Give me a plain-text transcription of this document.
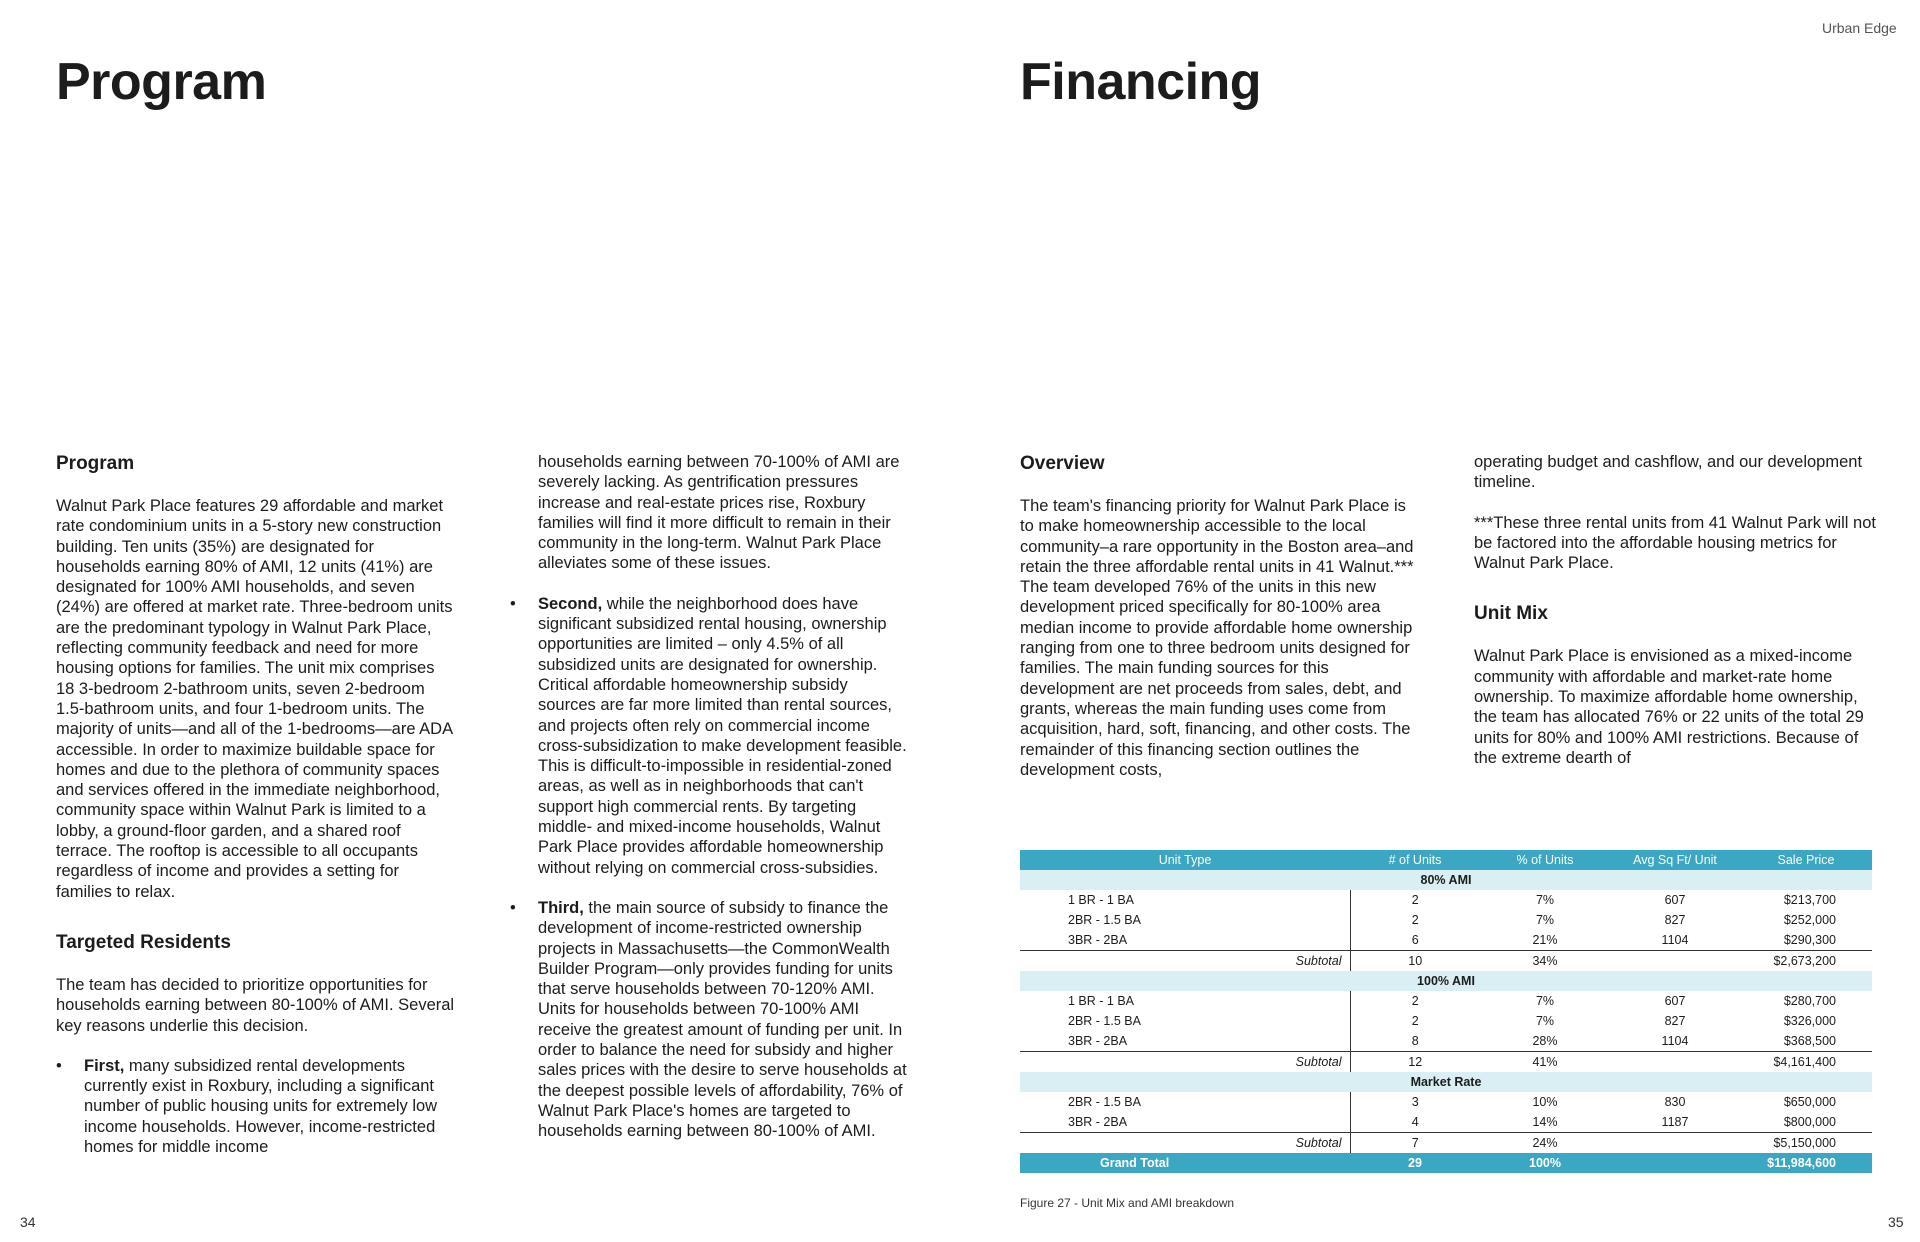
Urban Edge
Program	Financing
Program

Walnut Park Place features 29 affordable and market rate condominium units in a 5-story new construction building. Ten units (35%) are designated for households earning 80% of AMI, 12 units (41%) are designated for 100% AMI households, and seven (24%) are offered at market rate. Three-bedroom units are the predominant typology in Walnut Park Place, reflecting community feedback and need for more housing options for families. The unit mix comprises 18 3-bedroom 2-bathroom units, seven 2-bedroom 1.5-bathroom units, and four 1-bedroom units. The majority of units—and all of the 1-bedrooms—are ADA accessible. In order to maximize buildable space for homes and due to the plethora of community spaces and services offered in the immediate neighborhood, community space within Walnut Park is limited to a lobby, a ground-floor garden, and a shared roof terrace. The rooftop is accessible to all occupants regardless of income and provides a setting for families to relax.

Targeted Residents

The team has decided to prioritize opportunities for households earning between 80-100% of AMI. Several key reasons underlie this decision.

• First, many subsidized rental developments currently exist in Roxbury, including a significant number of public housing units for extremely low income households. However, income-restricted homes for middle income

households earning between 70-100% of AMI are severely lacking. As gentrification pressures increase and real-estate prices rise, Roxbury families will find it more difficult to remain in their community in the long-term. Walnut Park Place alleviates some of these issues.

• Second, while the neighborhood does have significant subsidized rental housing, ownership opportunities are limited – only 4.5% of all subsidized units are designated for ownership. Critical affordable homeownership subsidy sources are far more limited than rental sources, and projects often rely on commercial income cross-subsidization to make development feasible. This is difficult-to-impossible in residential-zoned areas, as well as in neighborhoods that can't support high commercial rents. By targeting middle- and mixed-income households, Walnut Park Place provides affordable homeownership without relying on commercial cross-subsidies.
• Third, the main source of subsidy to finance the development of income-restricted ownership projects in Massachusetts—the CommonWealth Builder Program—only provides funding for units that serve households between 70-120% AMI. Units for households between 70-100% AMI receive the greatest amount of funding per unit. In order to balance the need for subsidy and higher sales prices with the desire to serve households at the deepest possible levels of affordability, 76% of Walnut Park Place's homes are targeted to households earning between 80-100% of AMI.
Overview

The team's financing priority for Walnut Park Place is to make homeownership accessible to the local community–a rare opportunity in the Boston area–and retain the three affordable rental units in 41 Walnut.*** The team developed 76% of the units in this new development priced specifically for 80-100% area median income to provide affordable home ownership ranging from one to three bedroom units designed for families. The main funding sources for this development are net proceeds from sales, debt, and grants, whereas the main funding uses come from acquisition, hard, soft, financing, and other costs. The remainder of this financing section outlines the development costs,

operating budget and cashflow, and our development timeline.

***These three rental units from 41 Walnut Park will not be factored into the affordable housing metrics for Walnut Park Place.

Unit Mix

Walnut Park Place is envisioned as a mixed-income community with affordable and market-rate home ownership. To maximize affordable home ownership, the team has allocated 76% or 22 units of the total 29 units for 80% and 100% AMI restrictions. Because of the extreme dearth of

Unit Type	# of Units	% of Units	Avg Sq Ft/ Unit	Sale Price
80% AMI				
1 BR - 1 BA	2	7%	607	$213,700
2BR - 1.5 BA	2	7%	827	$252,000
3BR - 2BA	6	21%	1104	$290,300
Subtotal	10	34%		$2,673,200
100% AMI				
1 BR - 1 BA	2	7%	607	$280,700
2BR - 1.5 BA	2	7%	827	$326,000
3BR - 2BA	8	28%	1104	$368,500
Subtotal	12	41%		$4,161,400
Market Rate				
2BR - 1.5 BA	3	10%	830	$650,000
3BR - 2BA	4	14%	1187	$800,000
Subtotal	7	24%		$5,150,000
Grand Total	29	100%		$11,984,600
Figure 27 - Unit Mix and AMI breakdown
34	35
